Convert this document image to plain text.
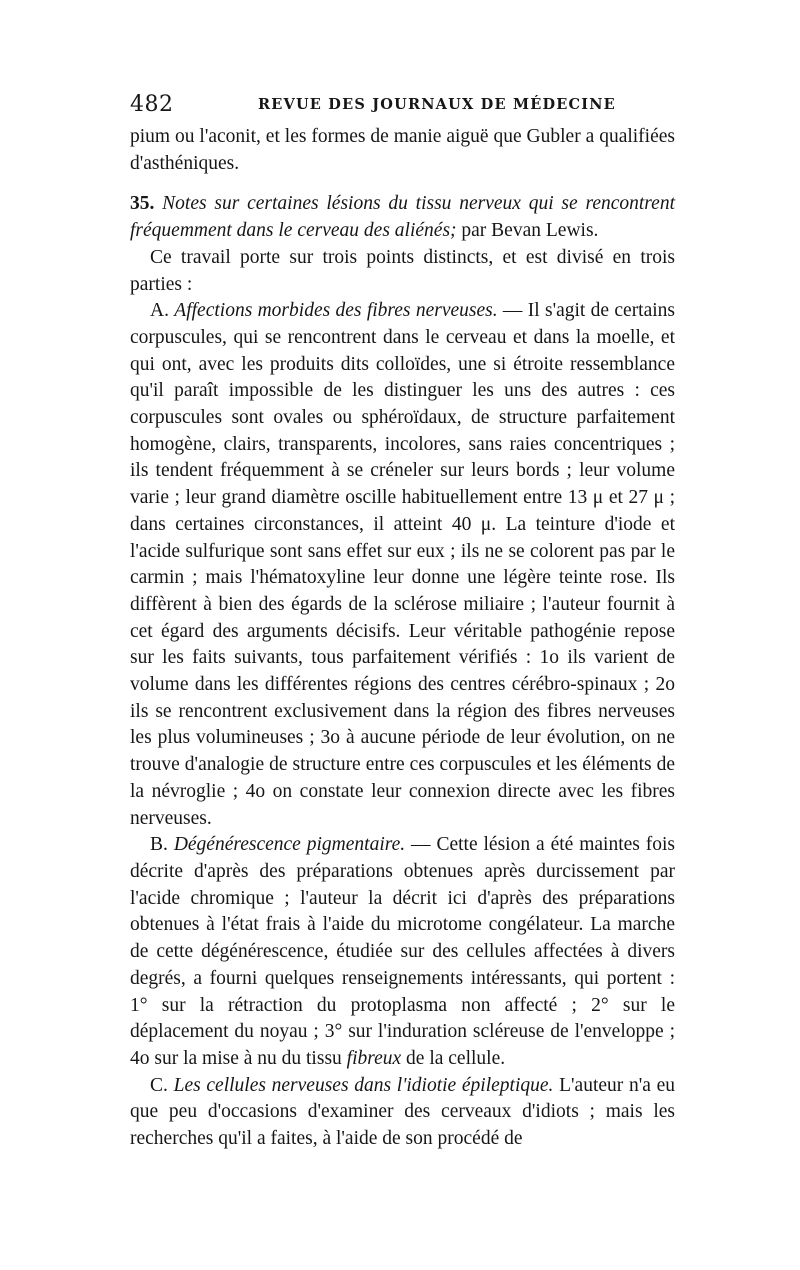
482	REVUE DES JOURNAUX DE MÉDECINE

pium ou l'aconit, et les formes de manie aiguë que Gubler a qualifiées d'asthéniques.

35. Notes sur certaines lésions du tissu nerveux qui se rencontrent fréquemment dans le cerveau des aliénés; par Bevan Lewis.

Ce travail porte sur trois points distincts, et est divisé en trois parties :

A. Affections morbides des fibres nerveuses. — Il s'agit de certains corpuscules, qui se rencontrent dans le cerveau et dans la moelle, et qui ont, avec les produits dits colloïdes, une si étroite ressemblance qu'il paraît impossible de les distinguer les uns des autres : ces corpuscules sont ovales ou sphéroïdaux, de structure parfaitement homogène, clairs, transparents, incolores, sans raies concentriques ; ils tendent fréquemment à se créneler sur leurs bords ; leur volume varie ; leur grand diamètre oscille habituellement entre 13 μ et 27 μ ; dans certaines circonstances, il atteint 40 μ. La teinture d'iode et l'acide sulfurique sont sans effet sur eux ; ils ne se colorent pas par le carmin ; mais l'hématoxyline leur donne une légère teinte rose. Ils diffèrent à bien des égards de la sclérose miliaire ; l'auteur fournit à cet égard des arguments décisifs. Leur véritable pathogénie repose sur les faits suivants, tous parfaitement vérifiés : 1o ils varient de volume dans les différentes régions des centres cérébro-spinaux ; 2o ils se rencontrent exclusivement dans la région des fibres nerveuses les plus volumineuses ; 3o à aucune période de leur évolution, on ne trouve d'analogie de structure entre ces corpuscules et les éléments de la névroglie ; 4o on constate leur connexion directe avec les fibres nerveuses.

B. Dégénérescence pigmentaire. — Cette lésion a été maintes fois décrite d'après des préparations obtenues après durcissement par l'acide chromique ; l'auteur la décrit ici d'après des préparations obtenues à l'état frais à l'aide du microtome congélateur. La marche de cette dégénérescence, étudiée sur des cellules affectées à divers degrés, a fourni quelques renseignements intéressants, qui portent : 1° sur la rétraction du protoplasma non affecté ; 2° sur le déplacement du noyau ; 3° sur l'induration scléreuse de l'enveloppe ; 4o sur la mise à nu du tissu fibreux de la cellule.

C. Les cellules nerveuses dans l'idiotie épileptique. L'auteur n'a eu que peu d'occasions d'examiner des cerveaux d'idiots ; mais les recherches qu'il a faites, à l'aide de son procédé de
